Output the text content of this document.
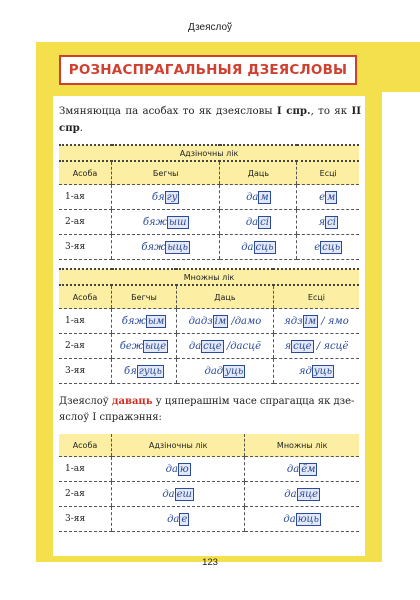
Дзеяслоў
РОЗНАСПРАГАЛЬНЫЯ ДЗЕЯСЛОВЫ
Змяняюцца па асобах то як дзеясловы I спр., то як II спр.
Адзіночны лік			
Асоба	Бегчы	Даць	Есці
1-ая	бя гу	да м	е м
2-ая	бяж ыш	да сі	я сі
3-яя	бяж ыць	да сць	е сць
Множны лік			
Асоба	Бегчы	Даць	Есці
1-ая	бяж ым	дадз ім /дамо	ядз ім / ямо
2-ая	беж ыце	да сце /дасцё	я сце / ясцё
3-яя	бя гуць	дад уць	яд уць
Дзеяслоў даваць у цяперашнім часе спрагацца як дзе-яслоў I спражэння:
Асоба	Адзіночны лік	Множны лік
1-ая	да ю	да ём
2-ая	да еш	да яце
3-яя	да е	да юць
123
